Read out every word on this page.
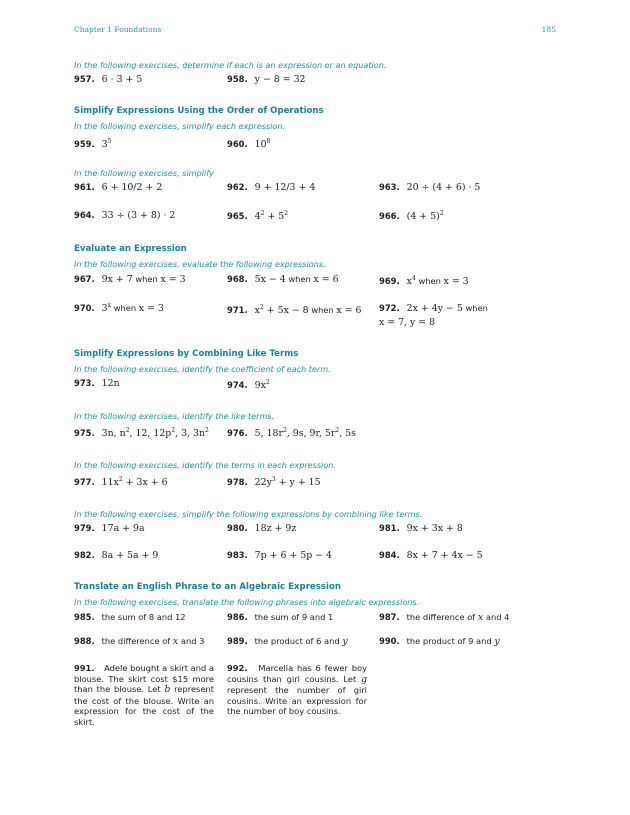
Chapter 1 Foundations	185
In the following exercises, determine if each is an expression or an equation.
957. 6 · 3 + 5	958. y − 8 = 32
Simplify Expressions Using the Order of Operations
In the following exercises, simplify each expression.
959. $3^5$	960. $10^8$
In the following exercises, simplify
961. 6 + 10/2 + 2	962. 9 + 12/3 + 4	963. 20 ÷ (4 + 6) · 5
964. 33 ÷ (3 + 8) · 2	965. $4^2 + 5^2$	966. $(4 + 5)^2$
Evaluate an Expression
In the following exercises, evaluate the following expressions.
967. 9x + 7 when x = 3	968. 5x − 4 when x = 6	969. $x^4$ when x = 3
970. 3$^x$ when x = 3	971. $x^2 + 5x - 8$ when x = 6 972. 2x + 4y − 5 when
x = 7, y = 8
Simplify Expressions by Combining Like Terms
In the following exercises, identify the coefficient of each term.
973. 12n	974. $9x^2$
In the following exercises, identify the like terms.
975. 3n, $n^2$, 12, $12p^2$, 3, $3n^2$ 976. 5, $18r^2$, 9s, 9r, $5r^2$, 5s
In the following exercises, identify the terms in each expression.
977. $11x^2 + 3x + 6$	978. $22y^3 + y + 15$
In the following exercises, simplify the following expressions by combining like terms.
979. 17a + 9a	980. 18z + 9z	981. 9x + 3x + 8
982. 8a + 5a + 9	983. 7p + 6 + 5p − 4	984. 8x + 7 + 4x − 5
Translate an English Phrase to an Algebraic Expression
In the following exercises, translate the following phrases into algebraic expressions.
985. the sum of 8 and 12	986. the sum of 9 and 1	987. the difference of x and 4
988. the difference of x and 3	989. the product of 6 and y	990. the product of 9 and y
991. Adele bought a skirt and a blouse. The skirt cost $15 more than the blouse. Let b represent the cost of the blouse. Write an expression for the cost of the skirt.
992. Marcella has 6 fewer boy cousins than girl cousins. Let g represent the number of girl cousins. Write an expression for the number of boy cousins.
